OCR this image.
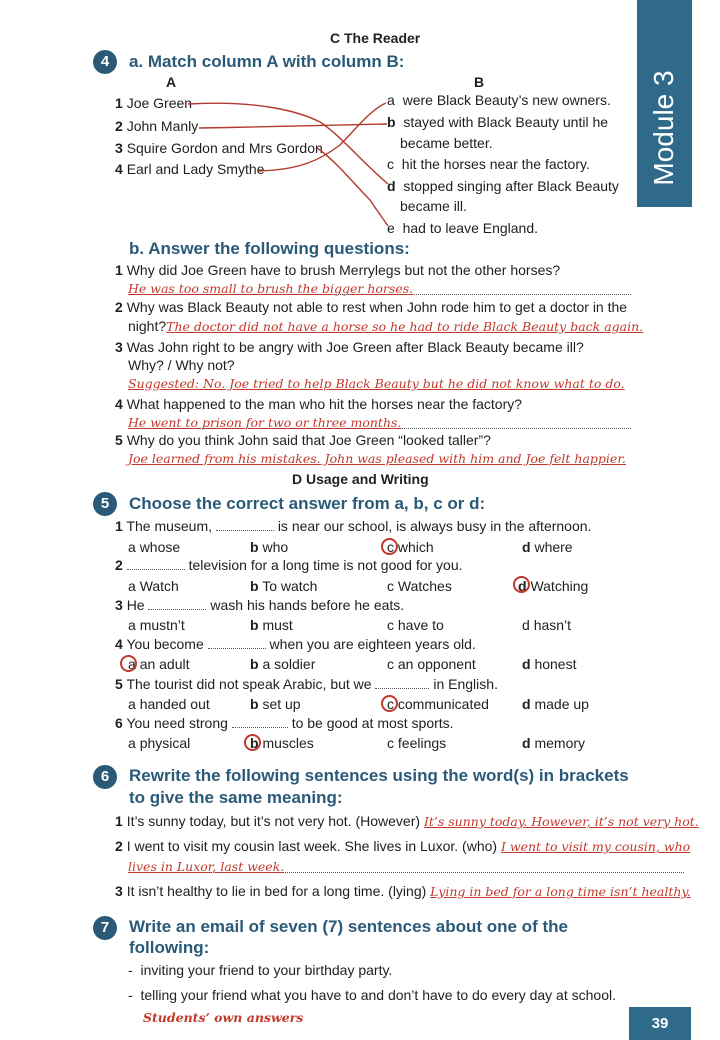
Module 3
39
C The Reader
4	a. Match column A with column B:
A	B
1 Joe Green
2 John Manly
3 Squire Gordon and Mrs Gordon
4 Earl and Lady Smythe
a were Black Beauty’s new owners.
b stayed with Black Beauty until he
became better.
c hit the horses near the factory.
d stopped singing after Black Beauty
became ill.
e had to leave England.
b. Answer the following questions:
1 Why did Joe Green have to brush Merrylegs but not the other horses?
He was too small to brush the bigger horses.
2 Why was Black Beauty not able to rest when John rode him to get a doctor in the
night?The doctor did not have a horse so he had to ride Black Beauty back again.
3 Was John right to be angry with Joe Green after Black Beauty became ill?
Why? / Why not?
Suggested: No. Joe tried to help Black Beauty but he did not know what to do.
4 What happened to the man who hit the horses near the factory?
He went to prison for two or three months.
5 Why do you think John said that Joe Green “looked taller”?
Joe learned from his mistakes. John was pleased with him and Joe felt happier.
D Usage and Writing
5	Choose the correct answer from a, b, c or d:
1 The museum,	is near our school, is always busy in the afternoon.
a whose	b who	c which	d where
2	television for a long time is not good for you.
a Watch	b To watch	c Watches	d Watching
3 He	wash his hands before he eats.
a mustn’t	b must	c have to	d hasn’t
4 You become	when you are eighteen years old.
a an adult	b a soldier	c an opponent	d honest
5 The tourist did not speak Arabic, but we	in English.
a handed out	b set up	c communicated d made up
6 You need strong	to be good at most sports.
a physical	b muscles	c feelings	d memory
6	Rewrite the following sentences using the word(s) in brackets
to give the same meaning:
1 It’s sunny today, but it’s not very hot. (However) It’s sunny today. However, it’s not very hot.
2 I went to visit my cousin last week. She lives in Luxor. (who) I went to visit my cousin, who
lives in Luxor, last week.
3 It isn’t healthy to lie in bed for a long time. (lying) Lying in bed for a long time isn’t healthy.
7	Write an email of seven (7) sentences about one of the
following:
-  inviting your friend to your birthday party.
-  telling your friend what you have to and don’t have to do every day at school.
Students’ own answers
